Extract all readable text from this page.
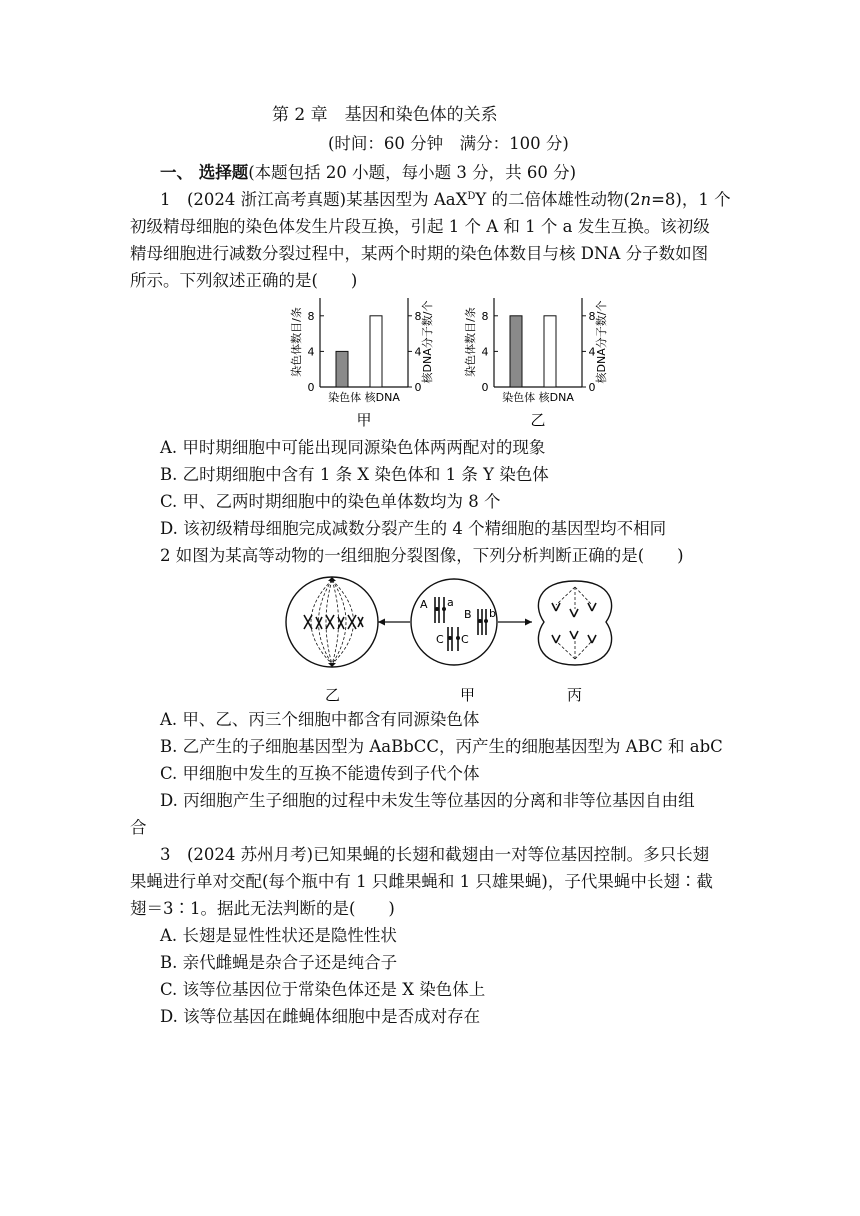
第 2 章　基因和染色体的关系
(时间：60 分钟　满分：100 分)
一、 选择题(本题包括 20 小题，每小题 3 分，共 60 分)
1　(2024 浙江高考真题)某基因型为 AaX$^D$Y 的二倍体雄性动物(2n=8)，1 个
初级精母细胞的染色体发生片段互换，引起 1 个 A 和 1 个 a 发生互换。该初级
精母细胞进行减数分裂过程中，某两个时期的染色体数目与核 DNA 分子数如图
所示。下列叙述正确的是(　　)
0	0
4	4
8	8
染色体 核DNA
染色体数目/条	核DNA分子数/个
甲
0	0
4	4
8	8
染色体 核DNA
染色体数目/条	核DNA分子数/个
乙
A. 甲时期细胞中可能出现同源染色体两两配对的现象
B. 乙时期细胞中含有 1 条 X 染色体和 1 条 Y 染色体
C. 甲、乙两时期细胞中的染色单体数均为 8 个
D. 该初级精母细胞完成减数分裂产生的 4 个精细胞的基因型均不相同
2 如图为某高等动物的一组细胞分裂图像，下列分析判断正确的是(　　)
A a
B b
C C
乙	甲	丙
A. 甲、乙、丙三个细胞中都含有同源染色体
B. 乙产生的子细胞基因型为 AaBbCC，丙产生的细胞基因型为 ABC 和 abC
C. 甲细胞中发生的互换不能遗传到子代个体
D. 丙细胞产生子细胞的过程中未发生等位基因的分离和非等位基因自由组
合
3　(2024 苏州月考)已知果蝇的长翅和截翅由一对等位基因控制。多只长翅
果蝇进行单对交配(每个瓶中有 1 只雌果蝇和 1 只雄果蝇)，子代果蝇中长翅∶截
翅＝3∶1。据此无法判断的是(　　)
A. 长翅是显性性状还是隐性性状
B. 亲代雌蝇是杂合子还是纯合子
C. 该等位基因位于常染色体还是 X 染色体上
D. 该等位基因在雌蝇体细胞中是否成对存在
